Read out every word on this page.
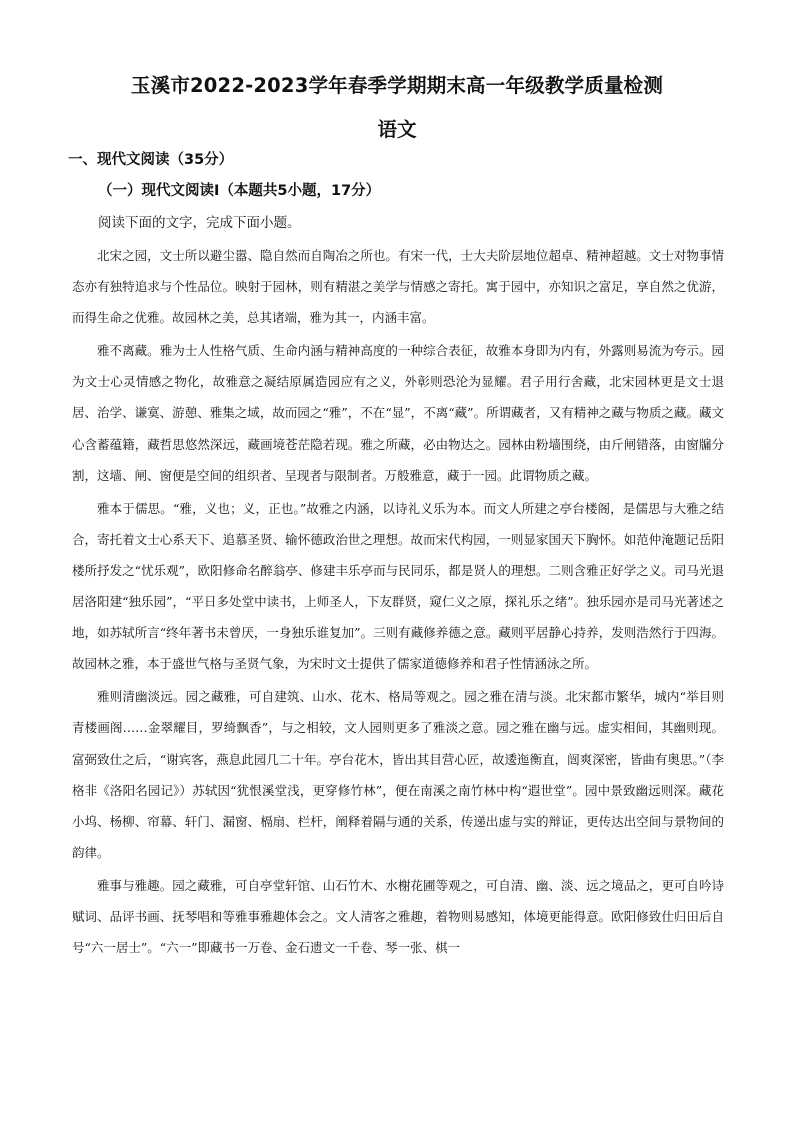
玉溪市2022-2023学年春季学期期末高一年级教学质量检测
语文
一、现代文阅读（35分）
（一）现代文阅读Ⅰ（本题共5小题，17分）
阅读下面的文字，完成下面小题。

北宋之园，文士所以避尘嚣、隐自然而自陶冶之所也。有宋一代，士大夫阶层地位超卓、精神超越。文士对物事情态亦有独特追求与个性品位。映射于园林，则有精湛之美学与情感之寄托。寓于园中，亦知识之富足，享自然之优游，而得生命之优雅。故园林之美，总其诸端，雅为其一，内涵丰富。

雅不离藏。雅为士人性格气质、生命内涵与精神高度的一种综合表征，故雅本身即为内有，外露则易流为夸示。园为文士心灵情感之物化，故雅意之凝结原属造园应有之义，外彰则恐沦为显耀。君子用行舍藏，北宋园林更是文士退居、治学、谦寞、游憩、雅集之域，故而园之“雅”，不在“显”，不离“藏”。所谓藏者，又有精神之藏与物质之藏。藏文心含蓄蕴籍，藏哲思悠然深远，藏画境苍茫隐若现。雅之所藏，必由物达之。园林由粉墙围绕，由斤闸错落，由窗牖分割，这墙、闸、窗便是空间的组织者、呈现者与限制者。万般雅意，藏于一园。此谓物质之藏。

雅本于儒思。“雅，义也；义，正也。”故雅之内涵，以诗礼义乐为本。而文人所建之亭台楼阁，是儒思与大雅之结合，寄托着文士心系天下、追慕圣贤、输怀德政治世之理想。故而宋代构园，一则显家国天下胸怀。如范仲淹题记岳阳楼所抒发之“忧乐观”，欧阳修命名醉翁亭、修建丰乐亭而与民同乐，都是贤人的理想。二则含雅正好学之义。司马光退居洛阳建“独乐园”，“平日多处堂中读书，上师圣人，下友群贤，窥仁义之原，探礼乐之绪”。独乐园亦是司马光著述之地，如苏轼所言“终年著书未曾厌，一身独乐谁复加”。三则有藏修养德之意。藏则平居静心持养，发则浩然行于四海。故园林之雅，本于盛世气格与圣贤气象，为宋时文士提供了儒家道德修养和君子性情涵泳之所。

雅则清幽淡远。园之藏雅，可自建筑、山水、花木、格局等观之。园之雅在清与淡。北宋都市繁华，城内“举目则青楼画阁……金翠耀目，罗绮飘香”，与之相较，文人园则更多了雅淡之意。园之雅在幽与远。虚实相间，其幽则现。富弼致仕之后，“谢宾客，燕息此园几二十年。亭台花木，皆出其目营心匠，故逶迤衡直，闿爽深密，皆曲有奥思。”（李格非《洛阳名园记》）苏轼因“犹恨溪堂浅，更穿修竹林”，便在南溪之南竹林中构“遐世堂”。园中景致幽远则深。藏花小坞、杨柳、帘幕、轩门、漏窗、槅扇、栏杆，阐释着隔与通的关系，传递出虚与实的辩证，更传达出空间与景物间的韵律。

雅事与雅趣。园之藏雅，可自亭堂轩馆、山石竹木、水榭花圃等观之，可自清、幽、淡、远之境品之，更可自吟诗赋词、品评书画、抚琴唱和等雅事雅趣体会之。文人清客之雅趣，着物则易感知，体境更能得意。欧阳修致仕归田后自号“六一居士”。“六一”即藏书一万卷、金石遗文一千卷、琴一张、棋一
